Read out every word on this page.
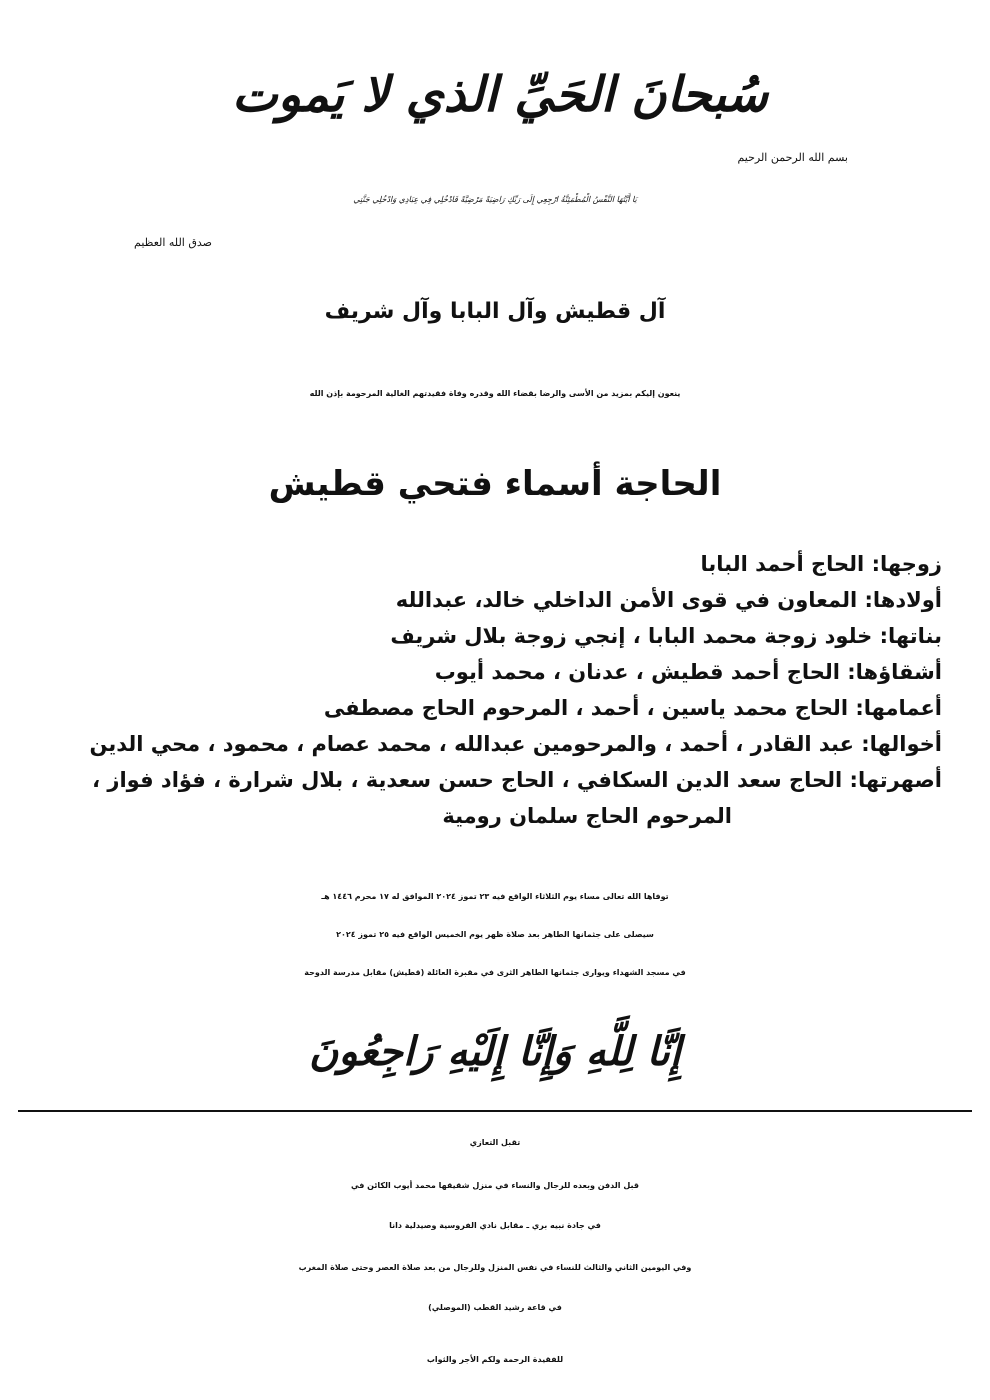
سُبحانَ الحَيِّ الذي لا يَموت
بسم الله الرحمن الرحيم
يَا أَيَّتُهَا النَّفْسُ الْمُطْمَئِنَّةُ ارْجِعِي إِلَى رَبِّكِ رَاضِيَةً مَرْضِيَّةً فَادْخُلِي فِي عِبَادِي وَادْخُلِي جَنَّتِي
صدق الله العظيم
آل قطيش وآل البابا وآل شريف
ينعون إليكم بمزيد من الأسى والرضا بقضاء الله وقدره وفاة فقيدتهم الغالية المرحومة بإذن الله
الحاجة أسماء فتحي قطيش
زوجها: الحاج أحمد البابا
أولادها: المعاون في قوى الأمن الداخلي خالد، عبدالله
بناتها: خلود زوجة محمد البابا ، إنجي زوجة بلال شريف
أشقاؤها: الحاج أحمد قطيش ، عدنان ، محمد أيوب
أعمامها: الحاج محمد ياسين ، أحمد ، المرحوم الحاج مصطفى
أخوالها: عبد القادر ، أحمد ، والمرحومين عبدالله ، محمد عصام ، محمود ، محي الدين
أصهرتها: الحاج سعد الدين السكافي ، الحاج حسن سعدية ، بلال شرارة ، فؤاد فواز ،
المرحوم الحاج سلمان رومية
توفاها الله تعالى مساء يوم الثلاثاء الواقع فيه ٢٣ تموز ٢٠٢٤ الموافق له ١٧ محرم ١٤٤٦ هـ
سيصلى على جثمانها الطاهر بعد صلاة ظهر يوم الخميس الواقع فيه ٢٥ تموز ٢٠٢٤
في مسجد الشهداء ويوارى جثمانها الطاهر الثرى في مقبرة العائلة (قطيش) مقابل مدرسة الدوحة
إِنَّا لِلَّهِ وَإِنَّا إِلَيْهِ رَاجِعُونَ
تقبل التعازي
قبل الدفن وبعده للرجال والنساء في منزل شقيقها محمد أيوب الكائن في
في جادة نبيه بري ـ مقابل نادي الفروسية وصيدلية دانا
وفي اليومين الثاني والثالث للنساء في نفس المنزل وللرجال من بعد صلاة العصر وحتى صلاة المغرب
في قاعة رشيد القطب (الموصلي)
للفقيدة الرحمة ولكم الأجر والثواب
